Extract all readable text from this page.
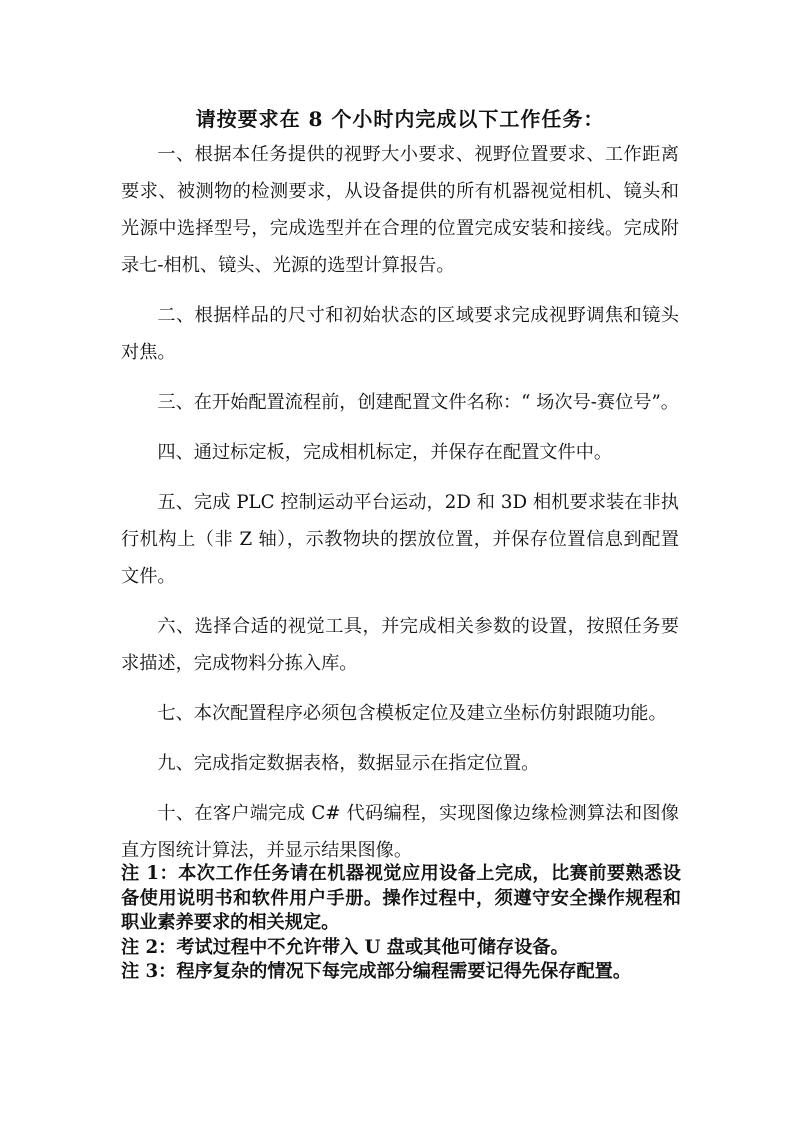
请按要求在 8 个小时内完成以下工作任务：

一、根据本任务提供的视野大小要求、视野位置要求、工作距离要求、被测物的检测要求，从设备提供的所有机器视觉相机、镜头和光源中选择型号，完成选型并在合理的位置完成安装和接线。完成附录七-相机、镜头、光源的选型计算报告。

二、根据样品的尺寸和初始状态的区域要求完成视野调焦和镜头对焦。

三、在开始配置流程前，创建配置文件名称：“ 场次号-赛位号”。

四、通过标定板，完成相机标定，并保存在配置文件中。

五、完成 PLC 控制运动平台运动，2D 和 3D 相机要求装在非执行机构上（非 Z 轴），示教物块的摆放位置，并保存位置信息到配置文件。

六、选择合适的视觉工具，并完成相关参数的设置，按照任务要求描述，完成物料分拣入库。

七、本次配置程序必须包含模板定位及建立坐标仿射跟随功能。

九、完成指定数据表格，数据显示在指定位置。

十、在客户端完成 C# 代码编程，实现图像边缘检测算法和图像直方图统计算法，并显示结果图像。

注 1：本次工作任务请在机器视觉应用设备上完成，比赛前要熟悉设备使用说明书和软件用户手册。操作过程中，须遵守安全操作规程和职业素养要求的相关规定。

注 2：考试过程中不允许带入 U 盘或其他可储存设备。

注 3：程序复杂的情况下每完成部分编程需要记得先保存配置。
